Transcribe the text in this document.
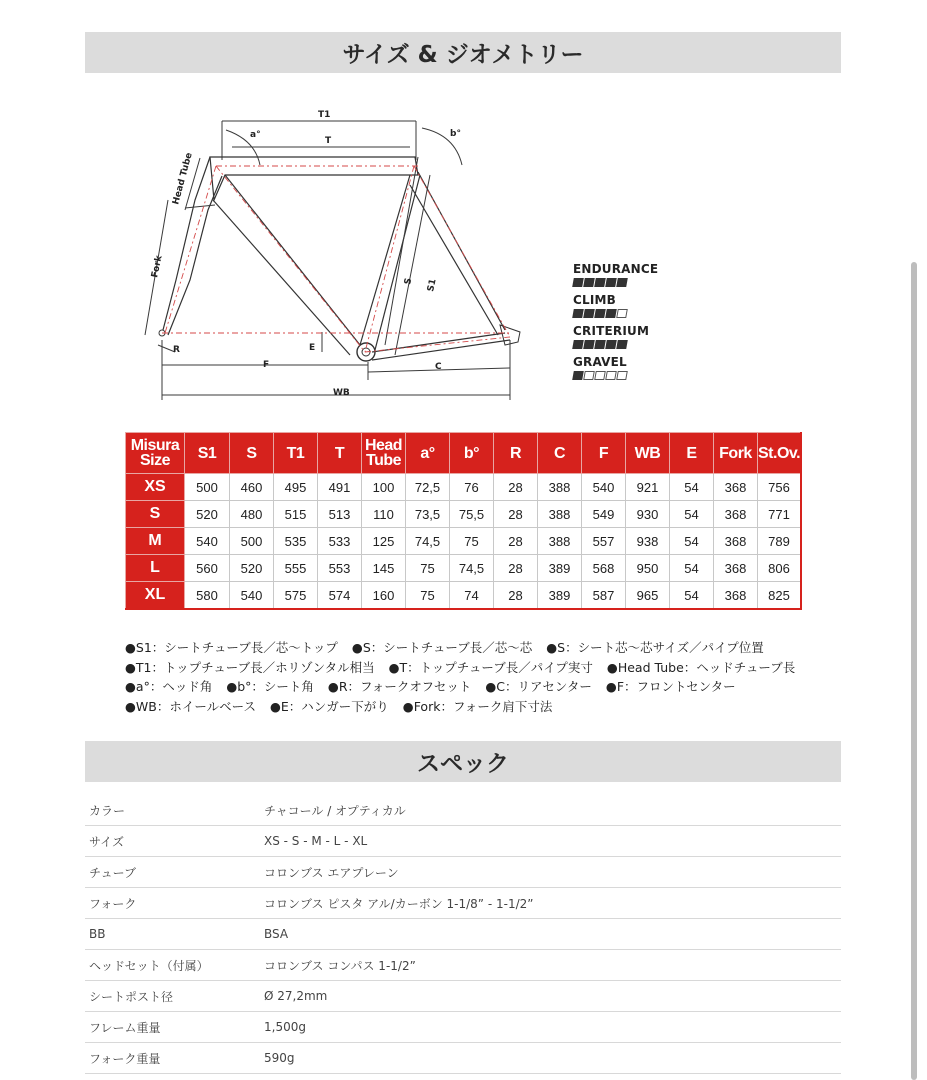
サイズ & ジオメトリー
T1
T
a°	b°
Head Tube
Fork
S S1
R	E
F	C
WB
ENDURANCE
CLIMB
CRITERIUM
GRAVEL
Misura Size	S1	S	T1	T	Head Tube	a°	b°	R	C	F	WB	E	Fork	St.Ov.
XS	500	460	495	491	100	72,5	76	28	388	540	921	54	368	756
S	520	480	515	513	110	73,5	75,5	28	388	549	930	54	368	771
M	540	500	535	533	125	74,5	75	28	388	557	938	54	368	789
L	560	520	555	553	145	75	74,5	28	389	568	950	54	368	806
XL	580	540	575	574	160	75	74	28	389	587	965	54	368	825
●S1：シートチューブ長／芯〜トップ ●S：シートチューブ長／芯〜芯 ●S：シート芯〜芯サイズ／パイプ位置
●T1：トップチューブ長／ホリゾンタル相当 ●T：トップチューブ長／パイプ実寸 ●Head Tube：ヘッドチューブ長
●a°：ヘッド角 ●b°：シート角 ●R：フォークオフセット ●C：リアセンター ●F：フロントセンター
●WB：ホイールベース ●E：ハンガー下がり ●Fork：フォーク肩下寸法
スペック
カラー	チャコール / オプティカル
サイズ	XS - S - M - L - XL
チューブ	コロンブス エアプレーン
フォーク	コロンブス ピスタ アル/カーボン 1-1/8” - 1-1/2”
BB	BSA
ヘッドセット（付属）	コロンブス コンパス 1-1/2”
シートポスト径	Ø 27,2mm
フレーム重量	1,500g
フォーク重量	590g
